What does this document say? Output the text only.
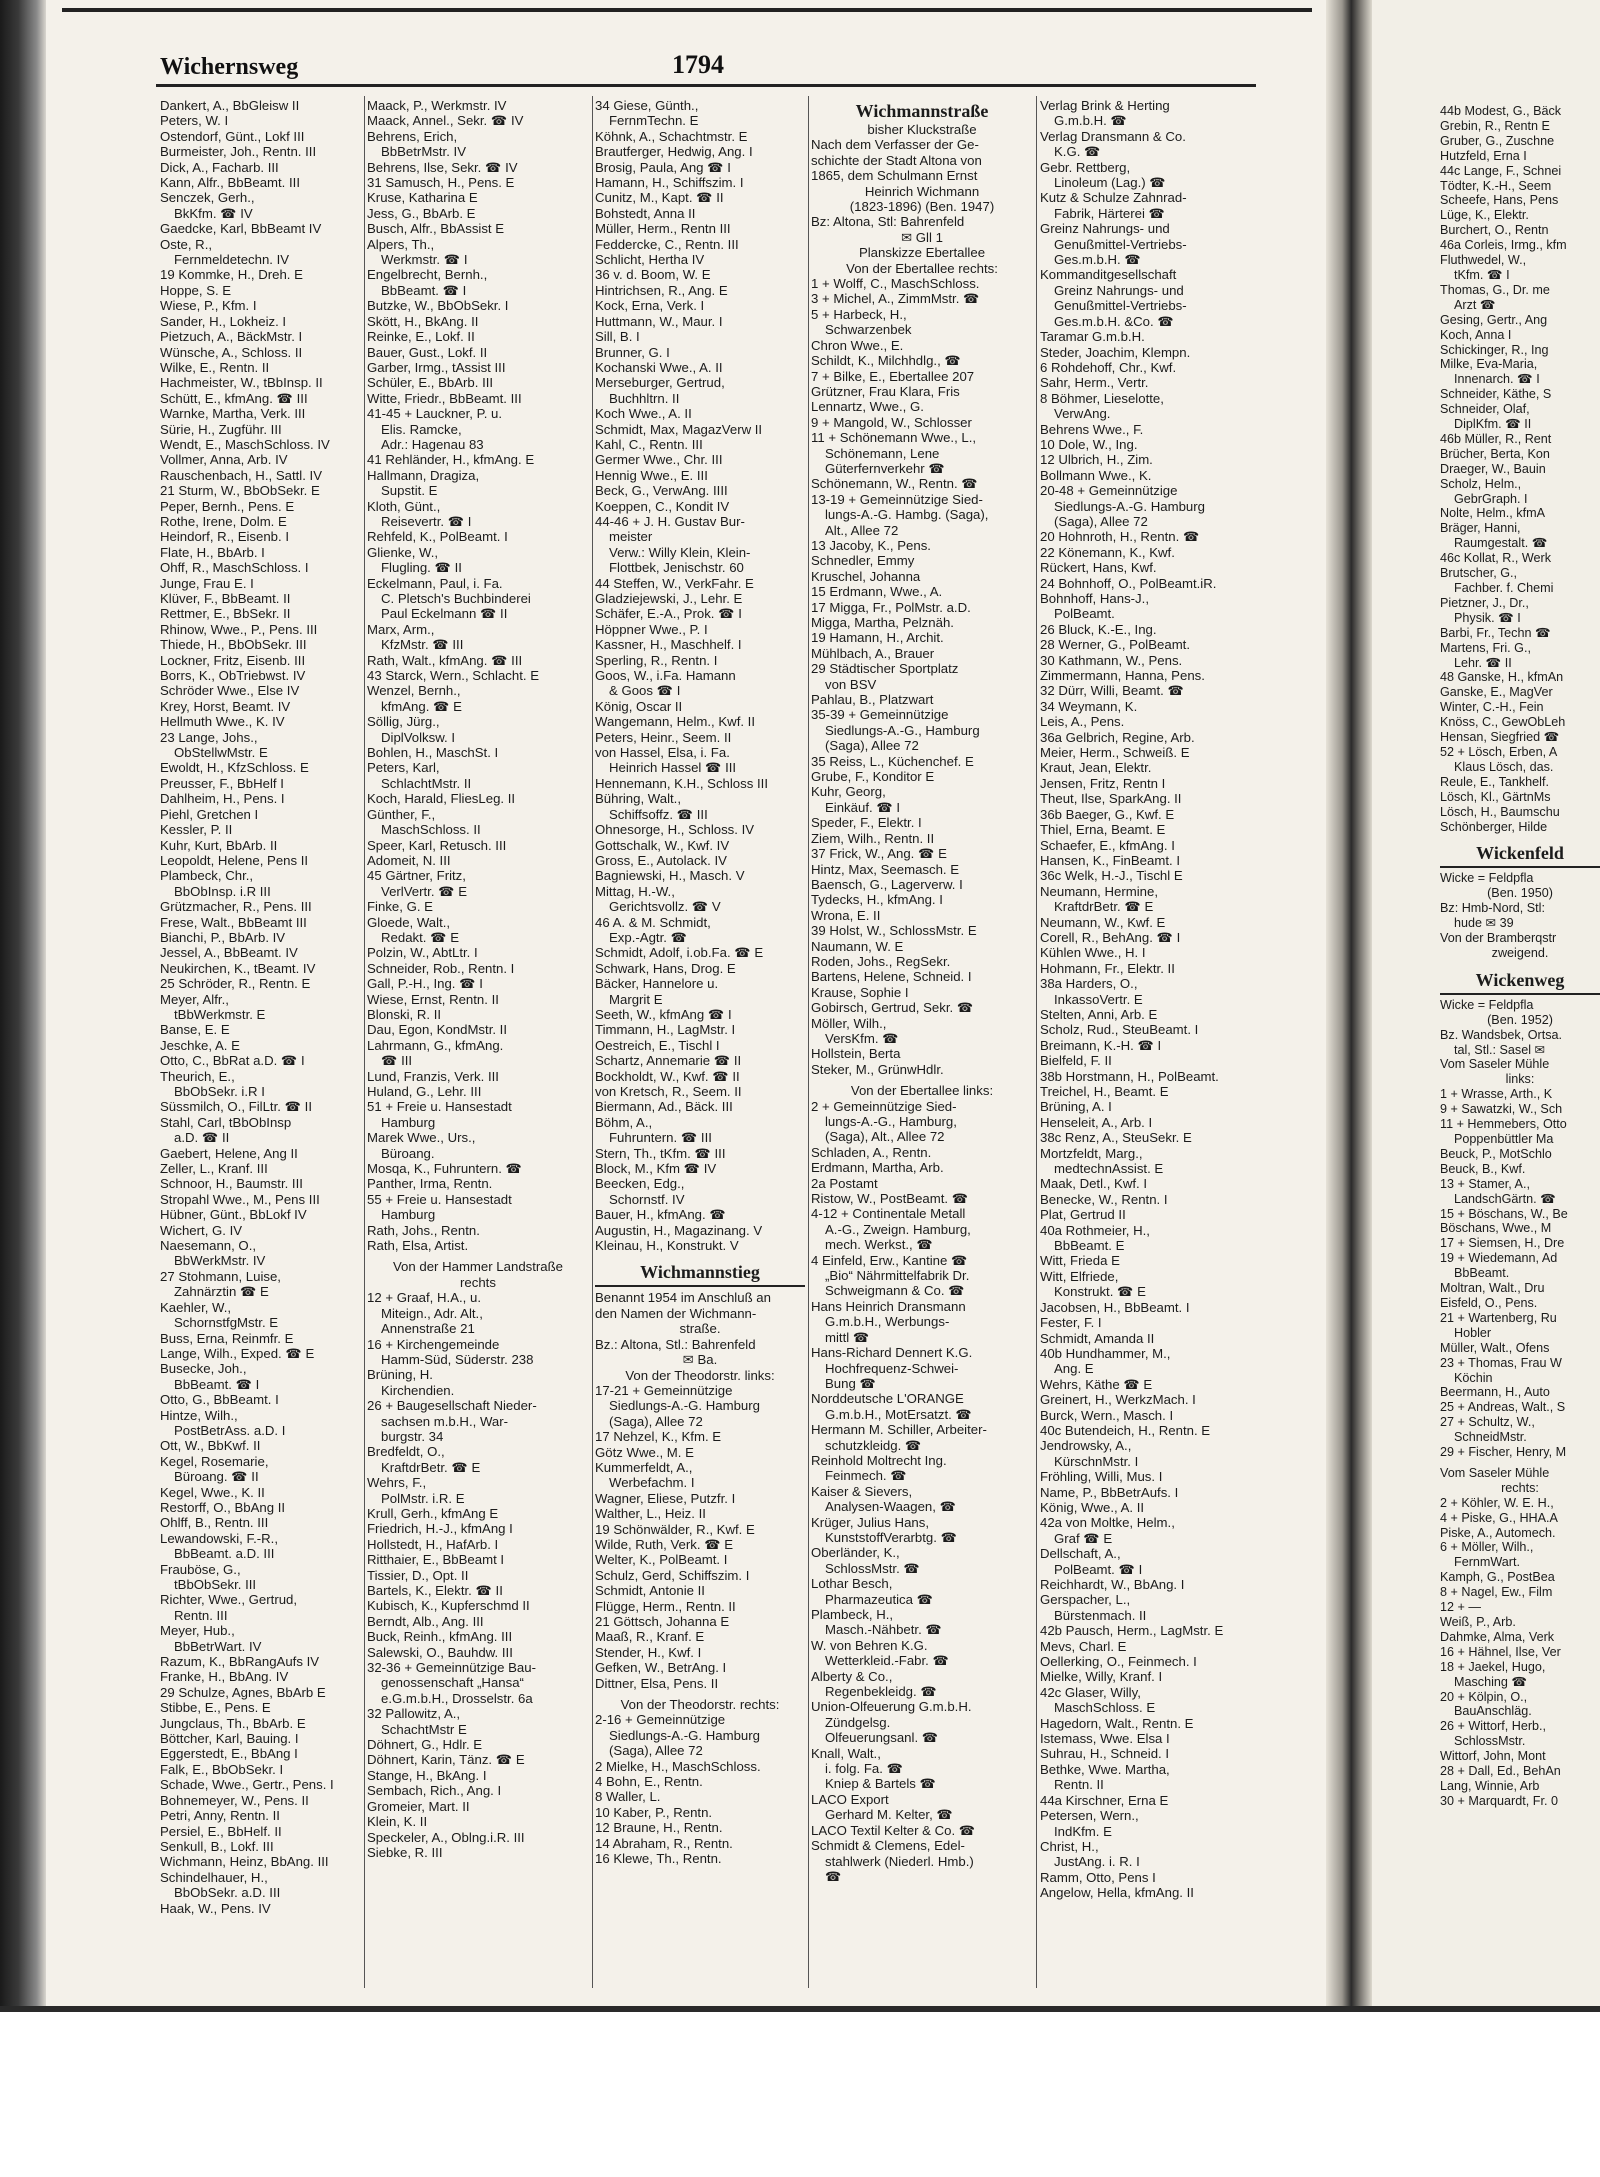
Wichernsweg	1794
Dankert, A., BbGleisw II
Peters, W. I
Ostendorf, Günt., Lokf III
Burmeister, Joh., Rentn. III
Dick, A., Facharb. III
Kann, Alfr., BbBeamt. III
Senczek, Gerh.,
BkKfm. ☎ IV
Gaedcke, Karl, BbBeamt IV
Oste, R.,
Fernmeldetechn. IV
19 Kommke, H., Dreh. E
Hoppe, S. E
Wiese, P., Kfm. I
Sander, H., Lokheiz. I
Pietzuch, A., BäckMstr. I
Wünsche, A., Schloss. II
Wilke, E., Rentn. II
Hachmeister, W., tBbInsp. II
Schütt, E., kfmAng. ☎ III
Warnke, Martha, Verk. III
Sürie, H., Zugführ. III
Wendt, E., MaschSchloss. IV
Vollmer, Anna, Arb. IV
Rauschenbach, H., Sattl. IV
21 Sturm, W., BbObSekr. E
Peper, Bernh., Pens. E
Rothe, Irene, Dolm. E
Heindorf, R., Eisenb. I
Flate, H., BbArb. I
Ohff, R., MaschSchloss. I
Junge, Frau E. I
Klüver, F., BbBeamt. II
Rettmer, E., BbSekr. II
Rhinow, Wwe., P., Pens. III
Thiede, H., BbObSekr. III
Lockner, Fritz, Eisenb. III
Borrs, K., ObTriebwst. IV
Schröder Wwe., Else IV
Krey, Horst, Beamt. IV
Hellmuth Wwe., K. IV
23 Lange, Johs.,
ObStellwMstr. E
Ewoldt, H., KfzSchloss. E
Preusser, F., BbHelf I
Dahlheim, H., Pens. I
Piehl, Gretchen I
Kessler, P. II
Kuhr, Kurt, BbArb. II
Leopoldt, Helene, Pens II
Plambeck, Chr.,
BbObInsp. i.R III
Grützmacher, R., Pens. III
Frese, Walt., BbBeamt III
Bianchi, P., BbArb. IV
Jessel, A., BbBeamt. IV
Neukirchen, K., tBeamt. IV
25 Schröder, R., Rentn. E
Meyer, Alfr.,
tBbWerkmstr. E
Banse, E. E
Jeschke, A. E
Otto, C., BbRat a.D. ☎ I
Theurich, E.,
BbObSekr. i.R I
Süssmilch, O., FilLtr. ☎ II
Stahl, Carl, tBbObInsp
a.D. ☎ II
Gaebert, Helene, Ang II
Zeller, L., Kranf. III
Schnoor, H., Baumstr. III
Stropahl Wwe., M., Pens III
Hübner, Günt., BbLokf IV
Wichert, G. IV
Naesemann, O.,
BbWerkMstr. IV
27 Stohmann, Luise,
Zahnärztin ☎ E
Kaehler, W.,
SchornstfgMstr. E
Buss, Erna, Reinmfr. E
Lange, Wilh., Exped. ☎ E
Busecke, Joh.,
BbBeamt. ☎ I
Otto, G., BbBeamt. I
Hintze, Wilh.,
PostBetrAss. a.D. I
Ott, W., BbKwf. II
Kegel, Rosemarie,
Büroang. ☎ II
Kegel, Wwe., K. II
Restorff, O., BbAng II
Ohlff, B., Rentn. III
Lewandowski, F.-R.,
BbBeamt. a.D. III
Frauböse, G.,
tBbObSekr. III
Richter, Wwe., Gertrud,
Rentn. III
Meyer, Hub.,
BbBetrWart. IV
Razum, K., BbRangAufs IV
Franke, H., BbAng. IV
29 Schulze, Agnes, BbArb E
Stibbe, E., Pens. E
Jungclaus, Th., BbArb. E
Böttcher, Karl, Bauing. I
Eggerstedt, E., BbAng I
Falk, E., BbObSekr. I
Schade, Wwe., Gertr., Pens. I
Bohnemeyer, W., Pens. II
Petri, Anny, Rentn. II
Persiel, E., BbHelf. II
Senkull, B., Lokf. III
Wichmann, Heinz, BbAng. III
Schindelhauer, H.,
BbObSekr. a.D. III
Haak, W., Pens. IV
Maack, P., Werkmstr. IV
Maack, Annel., Sekr. ☎ IV
Behrens, Erich,
BbBetrMstr. IV
Behrens, Ilse, Sekr. ☎ IV
31 Samusch, H., Pens. E
Kruse, Katharina E
Jess, G., BbArb. E
Busch, Alfr., BbAssist E
Alpers, Th.,
Werkmstr. ☎ I
Engelbrecht, Bernh.,
BbBeamt. ☎ I
Butzke, W., BbObSekr. I
Skött, H., BkAng. II
Reinke, E., Lokf. II
Bauer, Gust., Lokf. II
Garber, Irmg., tAssist III
Schüler, E., BbArb. III
Witte, Friedr., BbBeamt. III
41-45 + Lauckner, P. u.
Elis. Ramcke,
Adr.: Hagenau 83
41 Rehländer, H., kfmAng. E
Hallmann, Dragiza,
Supstit. E
Kloth, Günt.,
Reisevertr. ☎ I
Rehfeld, K., PolBeamt. I
Glienke, W.,
Flugling. ☎ II
Eckelmann, Paul, i. Fa.
C. Pletsch's Buchbinderei
Paul Eckelmann ☎ II
Marx, Arm.,
KfzMstr. ☎ III
Rath, Walt., kfmAng. ☎ III
43 Starck, Wern., Schlacht. E
Wenzel, Bernh.,
kfmAng. ☎ E
Söllig, Jürg.,
DiplVolksw. I
Bohlen, H., MaschSt. I
Peters, Karl,
SchlachtMstr. II
Koch, Harald, FliesLeg. II
Günther, F.,
MaschSchloss. II
Speer, Karl, Retusch. III
Adomeit, N. III
45 Gärtner, Fritz,
VerlVertr. ☎ E
Finke, G. E
Gloede, Walt.,
Redakt. ☎ E
Polzin, W., AbtLtr. I
Schneider, Rob., Rentn. I
Gall, P.-H., Ing. ☎ I
Wiese, Ernst, Rentn. II
Blonski, R. II
Dau, Egon, KondMstr. II
Lahrmann, G., kfmAng.
☎ III
Lund, Franzis, Verk. III
Huland, G., Lehr. III
51 + Freie u. Hansestadt
Hamburg
Marek Wwe., Urs.,
Büroang.
Mosqa, K., Fuhruntern. ☎
Panther, Irma, Rentn.
55 + Freie u. Hansestadt
Hamburg
Rath, Johs., Rentn.
Rath, Elsa, Artist.
Von der Hammer Landstraße
rechts
12 + Graaf, H.A., u.
Miteign., Adr. Alt.,
Annenstraße 21
16 + Kirchengemeinde
Hamm-Süd, Süderstr. 238
Brüning, H.
Kirchendien.
26 + Baugesellschaft Nieder-
sachsen m.b.H., War-
burgstr. 34
Bredfeldt, O.,
KraftdrBetr. ☎ E
Wehrs, F.,
PolMstr. i.R. E
Krull, Gerh., kfmAng E
Friedrich, H.-J., kfmAng I
Hollstedt, H., HafArb. I
Ritthaier, E., BbBeamt I
Tissier, D., Opt. II
Bartels, K., Elektr. ☎ II
Kubisch, K., Kupferschmd II
Berndt, Alb., Ang. III
Buck, Reinh., kfmAng. III
Salewski, O., Bauhdw. III
32-36 + Gemeinnützige Bau-
genossenschaft „Hansa“
e.G.m.b.H., Drosselstr. 6a
32 Pallowitz, A.,
SchachtMstr E
Döhnert, G., Hdlr. E
Döhnert, Karin, Tänz. ☎ E
Stange, H., BkAng. I
Sembach, Rich., Ang. I
Gromeier, Mart. II
Klein, K. II
Speckeler, A., Oblng.i.R. III
Siebke, R. III
34 Giese, Günth.,
FernmTechn. E
Köhnk, A., Schachtmstr. E
Brautferger, Hedwig, Ang. I
Brosig, Paula, Ang ☎ I
Hamann, H., Schiffszim. I
Cunitz, M., Kapt. ☎ II
Bohstedt, Anna II
Müller, Herm., Rentn III
Feddercke, C., Rentn. III
Schlicht, Hertha IV
36 v. d. Boom, W. E
Hintrichsen, R., Ang. E
Kock, Erna, Verk. I
Huttmann, W., Maur. I
Sill, B. I
Brunner, G. I
Kochanski Wwe., A. II
Merseburger, Gertrud,
Buchhltrn. II
Koch Wwe., A. II
Schmidt, Max, MagazVerw II
Kahl, C., Rentn. III
Germer Wwe., Chr. III
Hennig Wwe., E. III
Beck, G., VerwAng. IIII
Koeppen, C., Kondit IV
44-46 + J. H. Gustav Bur-
meister
Verw.: Willy Klein, Klein-
Flottbek, Jenischstr. 60
44 Steffen, W., VerkFahr. E
Gladziejewski, J., Lehr. E
Schäfer, E.-A., Prok. ☎ I
Höppner Wwe., P. I
Kassner, H., Maschhelf. I
Sperling, R., Rentn. I
Goos, W., i.Fa. Hamann
& Goos ☎ I
König, Oscar II
Wangemann, Helm., Kwf. II
Peters, Heinr., Seem. II
von Hassel, Elsa, i. Fa.
Heinrich Hassel ☎ III
Hennemann, K.H., Schloss III
Bühring, Walt.,
Schiffsoffz. ☎ III
Ohnesorge, H., Schloss. IV
Gottschalk, W., Kwf. IV
Gross, E., Autolack. IV
Bagniewski, H., Masch. V
Mittag, H.-W.,
Gerichtsvollz. ☎ V
46 A. & M. Schmidt,
Exp.-Agtr. ☎
Schmidt, Adolf, i.ob.Fa. ☎ E
Schwark, Hans, Drog. E
Bäcker, Hannelore u.
Margrit E
Seeth, W., kfmAng ☎ I
Timmann, H., LagMstr. I
Oestreich, E., Tischl I
Schartz, Annemarie ☎ II
Bockholdt, W., Kwf. ☎ II
von Kretsch, R., Seem. II
Biermann, Ad., Bäck. III
Böhm, A.,
Fuhruntern. ☎ III
Stern, Th., tKfm. ☎ III
Block, M., Kfm ☎ IV
Beecken, Edg.,
Schornstf. IV
Bauer, H., kfmAng. ☎
Augustin, H., Magazinang. V
Kleinau, H., Konstrukt. V
Wichmannstieg
Benannt 1954 im Anschluß an
den Namen der Wichmann-
straße.
Bz.: Altona, Stl.: Bahrenfeld
✉ Ba.
Von der Theodorstr. links:
17-21 + Gemeinnützige
Siedlungs-A.-G. Hamburg
(Saga), Allee 72
17 Nehzel, K., Kfm. E
Götz Wwe., M. E
Kummerfeldt, A.,
Werbefachm. I
Wagner, Eliese, Putzfr. I
Walther, L., Heiz. II
19 Schönwälder, R., Kwf. E
Wilde, Ruth, Verk. ☎ E
Welter, K., PolBeamt. I
Schulz, Gerd, Schiffszim. I
Schmidt, Antonie II
Flügge, Herm., Rentn. II
21 Göttsch, Johanna E
Maaß, R., Kranf. E
Stender, H., Kwf. I
Gefken, W., BetrAng. I
Dittner, Elsa, Pens. II
Von der Theodorstr. rechts:
2-16 + Gemeinnützige
Siedlungs-A.-G. Hamburg
(Saga), Allee 72
2 Mielke, H., MaschSchloss.
4 Bohn, E., Rentn.
8 Waller, L.
10 Kaber, P., Rentn.
12 Braune, H., Rentn.
14 Abraham, R., Rentn.
16 Klewe, Th., Rentn.
Wichmannstraße
bisher Kluckstraße
Nach dem Verfasser der Ge-
schichte der Stadt Altona von
1865, dem Schulmann Ernst
Heinrich Wichmann
(1823-1896) (Ben. 1947)
Bz: Altona, Stl: Bahrenfeld
✉ Gll 1
Planskizze Ebertallee
Von der Ebertallee rechts:
1 + Wolff, C., MaschSchloss.
3 + Michel, A., ZimmMstr. ☎
5 + Harbeck, H.,
Schwarzenbek
Chron Wwe., E.
Schildt, K., Milchhdlg., ☎
7 + Bilke, E., Ebertallee 207
Grützner, Frau Klara, Fris
Lennartz, Wwe., G.
9 + Mangold, W., Schlosser
11 + Schönemann Wwe., L.,
Schönemann, Lene
Güterfernverkehr ☎
Schönemann, W., Rentn. ☎
13-19 + Gemeinnützige Sied-
lungs-A.-G. Hambg. (Saga),
Alt., Allee 72
13 Jacoby, K., Pens.
Schnedler, Emmy
Kruschel, Johanna
15 Erdmann, Wwe., A.
17 Migga, Fr., PolMstr. a.D.
Migga, Martha, Pelznäh.
19 Hamann, H., Archit.
Mühlbach, A., Brauer
29 Städtischer Sportplatz
von BSV
Pahlau, B., Platzwart
35-39 + Gemeinnützige
Siedlungs-A.-G., Hamburg
(Saga), Allee 72
35 Reiss, L., Küchenchef. E
Grube, F., Konditor E
Kuhr, Georg,
Einkäuf. ☎ I
Speder, F., Elektr. I
Ziem, Wilh., Rentn. II
37 Frick, W., Ang. ☎ E
Hintz, Max, Seemasch. E
Baensch, G., Lagerverw. I
Tydecks, H., kfmAng. I
Wrona, E. II
39 Holst, W., SchlossMstr. E
Naumann, W. E
Roden, Johs., RegSekr.
Bartens, Helene, Schneid. I
Krause, Sophie I
Gobirsch, Gertrud, Sekr. ☎
Möller, Wilh.,
VersKfm. ☎
Hollstein, Berta
Steker, M., GrünwHdlr.
Von der Ebertallee links:
2 + Gemeinnützige Sied-
lungs-A.-G., Hamburg,
(Saga), Alt., Allee 72
Schladen, A., Rentn.
Erdmann, Martha, Arb.
2a Postamt
Ristow, W., PostBeamt. ☎
4-12 + Continentale Metall
A.-G., Zweign. Hamburg,
mech. Werkst., ☎
4 Einfeld, Erw., Kantine ☎
„Bio“ Nährmittelfabrik Dr.
Schweigmann & Co. ☎
Hans Heinrich Dransmann
G.m.b.H., Werbungs-
mittl ☎
Hans-Richard Dennert K.G.
Hochfrequenz-Schwei-
Bung ☎
Norddeutsche L'ORANGE
G.m.b.H., MotErsatzt. ☎
Hermann M. Schiller, Arbeiter-
schutzkleidg. ☎
Reinhold Moltrecht Ing.
Feinmech. ☎
Kaiser & Sievers,
Analysen-Waagen, ☎
Krüger, Julius Hans,
KunststoffVerarbtg. ☎
Oberländer, K.,
SchlossMstr. ☎
Lothar Besch,
Pharmazeutica ☎
Plambeck, H.,
Masch.-Nähbetr. ☎
W. von Behren K.G.
Wetterkleid.-Fabr. ☎
Alberty & Co.,
Regenbekleidg. ☎
Union-Olfeuerung G.m.b.H.
Zündgelsg.
Olfeuerungsanl. ☎
Knall, Walt.,
i. folg. Fa. ☎
Kniep & Bartels ☎
LACO Export
Gerhard M. Kelter, ☎
LACO Textil Kelter & Co. ☎
Schmidt & Clemens, Edel-
stahlwerk (Niederl. Hmb.)
☎
Verlag Brink & Herting
G.m.b.H. ☎
Verlag Dransmann & Co.
K.G. ☎
Gebr. Rettberg,
Linoleum (Lag.) ☎
Kutz & Schulze Zahnrad-
Fabrik, Härterei ☎
Greinz Nahrungs- und
Genußmittel-Vertriebs-
Ges.m.b.H. ☎
Kommanditgesellschaft
Greinz Nahrungs- und
Genußmittel-Vertriebs-
Ges.m.b.H. &Co. ☎
Taramar G.m.b.H.
Steder, Joachim, Klempn.
6 Rohdehoff, Chr., Kwf.
Sahr, Herm., Vertr.
8 Böhmer, Lieselotte,
VerwAng.
Behrens Wwe., F.
10 Dole, W., Ing.
12 Ulbrich, H., Zim.
Bollmann Wwe., K.
20-48 + Gemeinnützige
Siedlungs-A.-G. Hamburg
(Saga), Allee 72
20 Hohnroth, H., Rentn. ☎
22 Könemann, K., Kwf.
Rückert, Hans, Kwf.
24 Bohnhoff, O., PolBeamt.iR.
Bohnhoff, Hans-J.,
PolBeamt.
26 Bluck, K.-E., Ing.
28 Werner, G., PolBeamt.
30 Kathmann, W., Pens.
Zimmermann, Hanna, Pens.
32 Dürr, Willi, Beamt. ☎
34 Weymann, K.
Leis, A., Pens.
36a Gelbrich, Regine, Arb.
Meier, Herm., Schweiß. E
Kraut, Jean, Elektr.
Jensen, Fritz, Rentn I
Theut, Ilse, SparkAng. II
36b Baeger, G., Kwf. E
Thiel, Erna, Beamt. E
Schaefer, E., kfmAng. I
Hansen, K., FinBeamt. I
36c Welk, H.-J., Tischl E
Neumann, Hermine,
KraftdrBetr. ☎ E
Neumann, W., Kwf. E
Corell, R., BehAng. ☎ I
Kühlen Wwe., H. I
Hohmann, Fr., Elektr. II
38a Harders, O.,
InkassoVertr. E
Stelten, Anni, Arb. E
Scholz, Rud., SteuBeamt. I
Breimann, K.-H. ☎ I
Bielfeld, F. II
38b Horstmann, H., PolBeamt.
Treichel, H., Beamt. E
Brüning, A. I
Henseleit, A., Arb. I
38c Renz, A., SteuSekr. E
Mortzfeldt, Marg.,
medtechnAssist. E
Maak, Detl., Kwf. I
Benecke, W., Rentn. I
Plat, Gertrud II
40a Rothmeier, H.,
BbBeamt. E
Witt, Frieda E
Witt, Elfriede,
Konstrukt. ☎ E
Jacobsen, H., BbBeamt. I
Fester, F. I
Schmidt, Amanda II
40b Hundhammer, M.,
Ang. E
Wehrs, Käthe ☎ E
Greinert, H., WerkzMach. I
Burck, Wern., Masch. I
40c Butendeich, H., Rentn. E
Jendrowsky, A.,
KürschnMstr. I
Fröhling, Willi, Mus. I
Name, P., BbBetrAufs. I
König, Wwe., A. II
42a von Moltke, Helm.,
Graf ☎ E
Dellschaft, A.,
PolBeamt. ☎ I
Reichhardt, W., BbAng. I
Gerspacher, L.,
Bürstenmach. II
42b Pausch, Herm., LagMstr. E
Mevs, Charl. E
Oellerking, O., Feinmech. I
Mielke, Willy, Kranf. I
42c Glaser, Willy,
MaschSchloss. E
Hagedorn, Walt., Rentn. E
Istemass, Wwe. Elsa I
Suhrau, H., Schneid. I
Bethke, Wwe. Martha,
Rentn. II
44a Kirschner, Erna E
Petersen, Wern.,
IndKfm. E
Christ, H.,
JustAng. i. R. I
Ramm, Otto, Pens I
Angelow, Hella, kfmAng. II
44b Modest, G., Bäck
Grebin, R., Rentn E
Gruber, G., Zuschne
Hutzfeld, Erna I
44c Lange, F., Schnei
Tödter, K.-H., Seem
Scheefe, Hans, Pens
Lüge, K., Elektr.
Burchert, O., Rentn
46a Corleis, Irmg., kfm
Fluthwedel, W.,
tKfm. ☎ I
Thomas, G., Dr. me
Arzt ☎
Gesing, Gertr., Ang
Koch, Anna I
Schickinger, R., Ing
Milke, Eva-Maria,
Innenarch. ☎ I
Schneider, Käthe, S
Schneider, Olaf,
DiplKfm. ☎ II
46b Müller, R., Rent
Brücher, Berta, Kon
Draeger, W., Bauin
Scholz, Helm.,
GebrGraph. I
Nolte, Helm., kfmA
Bräger, Hanni,
Raumgestalt. ☎
46c Kollat, R., Werk
Brutscher, G.,
Fachber. f. Chemi
Pietzner, J., Dr.,
Physik. ☎ I
Barbi, Fr., Techn ☎
Martens, Fri. G.,
Lehr. ☎ II
48 Ganske, H., kfmAn
Ganske, E., MagVer
Winter, C.-H., Fein
Knöss, C., GewObLeh
Hensan, Siegfried ☎
52 + Lösch, Erben, A
Klaus Lösch, das.
Reule, E., Tankhelf.
Lösch, Kl., GärtnMs
Lösch, H., Baumschu
Schönberger, Hilde
Wickenfeld
Wicke = Feldpfla
(Ben. 1950)
Bz: Hmb-Nord, Stl:
hude ✉ 39
Von der Bramberqstr
zweigend.
Wickenweg
Wicke = Feldpfla
(Ben. 1952)
Bz. Wandsbek, Ortsa.
tal, Stl.: Sasel ✉
Vom Saseler Mühle
links:
1 + Wrasse, Arth., K
9 + Sawatzki, W., Sch
11 + Hemmebers, Otto
Poppenbüttler Ma
Beuck, P., MotSchlo
Beuck, B., Kwf.
13 + Stamer, A.,
LandschGärtn. ☎
15 + Böschans, W., Be
Böschans, Wwe., M
17 + Siemsen, H., Dre
19 + Wiedemann, Ad
BbBeamt.
Moltran, Walt., Dru
Eisfeld, O., Pens.
21 + Wartenberg, Ru
Hobler
Müller, Walt., Ofens
23 + Thomas, Frau W
Köchin
Beermann, H., Auto
25 + Andreas, Walt., S
27 + Schultz, W.,
SchneidMstr.
29 + Fischer, Henry, M
Vom Saseler Mühle
rechts:
2 + Köhler, W. E. H.,
4 + Piske, G., HHA.A
Piske, A., Automech.
6 + Möller, Wilh.,
FernmWart.
Kamph, G., PostBea
8 + Nagel, Ew., Film
12 + —
Weiß, P., Arb.
Dahmke, Alma, Verk
16 + Hähnel, Ilse, Ver
18 + Jaekel, Hugo,
Masching ☎
20 + Kölpin, O.,
BauAnschläg.
26 + Wittorf, Herb.,
SchlossMstr.
Wittorf, John, Mont
28 + Dall, Ed., BehAn
Lang, Winnie, Arb
30 + Marquardt, Fr. 0
